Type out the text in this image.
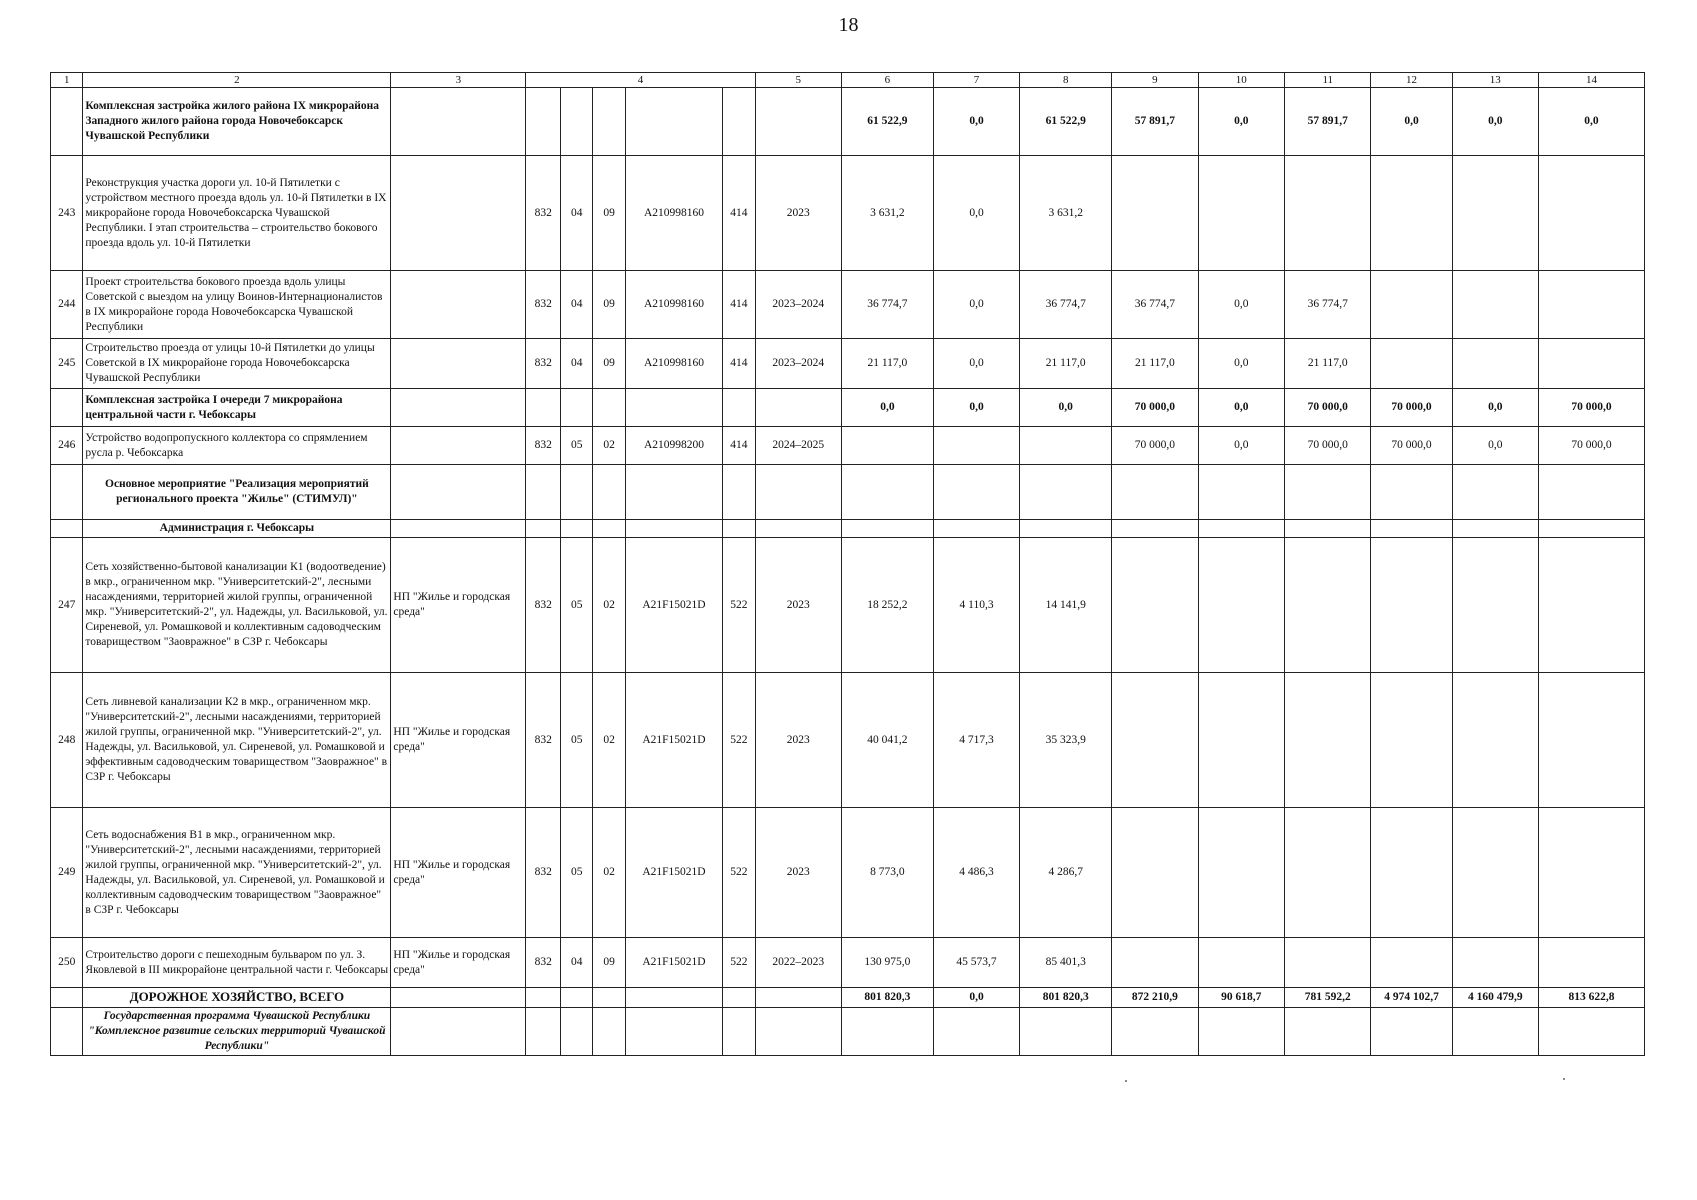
18
1	2	3	4					5	6	7	8	9	10	11	12	13	14
	Комплексная застройка жилого района IX микрорайона Западного жилого района города Новочебоксарск Чувашской Республики								61 522,9	0,0	61 522,9	57 891,7	0,0	57 891,7	0,0	0,0	0,0
243	Реконструкция участка дороги ул. 10-й Пятилетки с устройством местного проезда вдоль ул. 10-й Пятилетки в IX микрорайоне города Новочебоксарска Чувашской Республики. I этап строительства – строительство бокового проезда вдоль ул. 10-й Пятилетки		832	04	09	A210998160	414	2023	3 631,2	0,0	3 631,2						
244	Проект строительства бокового проезда вдоль улицы Советской с выездом на улицу Воинов-Интернационалистов в IX микрорайоне города Новочебоксарска Чувашской Республики		832	04	09	A210998160	414	2023–2024	36 774,7	0,0	36 774,7	36 774,7	0,0	36 774,7			
245	Строительство проезда от улицы 10-й Пятилетки до улицы Советской в IX микрорайоне города Новочебоксарска Чувашской Республики		832	04	09	A210998160	414	2023–2024	21 117,0	0,0	21 117,0	21 117,0	0,0	21 117,0			
	Комплексная застройка I очереди 7 микрорайона центральной части г. Чебоксары								0,0	0,0	0,0	70 000,0	0,0	70 000,0	70 000,0	0,0	70 000,0
246	Устройство водопропускного коллектора со спрямлением русла р. Чебоксарка		832	05	02	A210998200	414	2024–2025				70 000,0	0,0	70 000,0	70 000,0	0,0	70 000,0
	Основное мероприятие "Реализация мероприятий регионального проекта "Жилье" (СТИМУЛ)"																
	Администрация г. Чебоксары																
247	Сеть хозяйственно-бытовой канализации К1 (водоотведение) в мкр., ограниченном мкр. "Университетский-2", лесными насаждениями, территорией жилой группы, ограниченной мкр. "Университетский-2", ул. Надежды, ул. Васильковой, ул. Сиреневой, ул. Ромашковой и коллективным садоводческим товариществом "Заовражное" в СЗР г. Чебоксары	НП "Жилье и городская среда"	832	05	02	A21F15021D	522	2023	18 252,2	4 110,3	14 141,9						
248	Сеть ливневой канализации К2 в мкр., ограниченном мкр. "Университетский-2", лесными насаждениями, территорией жилой группы, ограниченной мкр. "Университетский-2", ул. Надежды, ул. Васильковой, ул. Сиреневой, ул. Ромашковой и эффективным садоводческим товариществом "Заовражное" в СЗР г. Чебоксары	НП "Жилье и городская среда"	832	05	02	A21F15021D	522	2023	40 041,2	4 717,3	35 323,9						
249	Сеть водоснабжения В1 в мкр., ограниченном мкр. "Университетский-2", лесными насаждениями, территорией жилой группы, ограниченной мкр. "Университетский-2", ул. Надежды, ул. Васильковой, ул. Сиреневой, ул. Ромашковой и коллективным садоводческим товариществом "Заовражное" в СЗР г. Чебоксары	НП "Жилье и городская среда"	832	05	02	A21F15021D	522	2023	8 773,0	4 486,3	4 286,7						
250	Строительство дороги с пешеходным бульваром по ул. З. Яковлевой в III микрорайоне центральной части г. Чебоксары	НП "Жилье и городская среда"	832	04	09	A21F15021D	522	2022–2023	130 975,0	45 573,7	85 401,3						
	ДОРОЖНОЕ ХОЗЯЙСТВО, ВСЕГО								801 820,3	0,0	801 820,3	872 210,9	90 618,7	781 592,2	4 974 102,7	4 160 479,9	813 622,8
	Государственная программа Чувашской Республики "Комплексное развитие сельских территорий Чувашской Республики"																
